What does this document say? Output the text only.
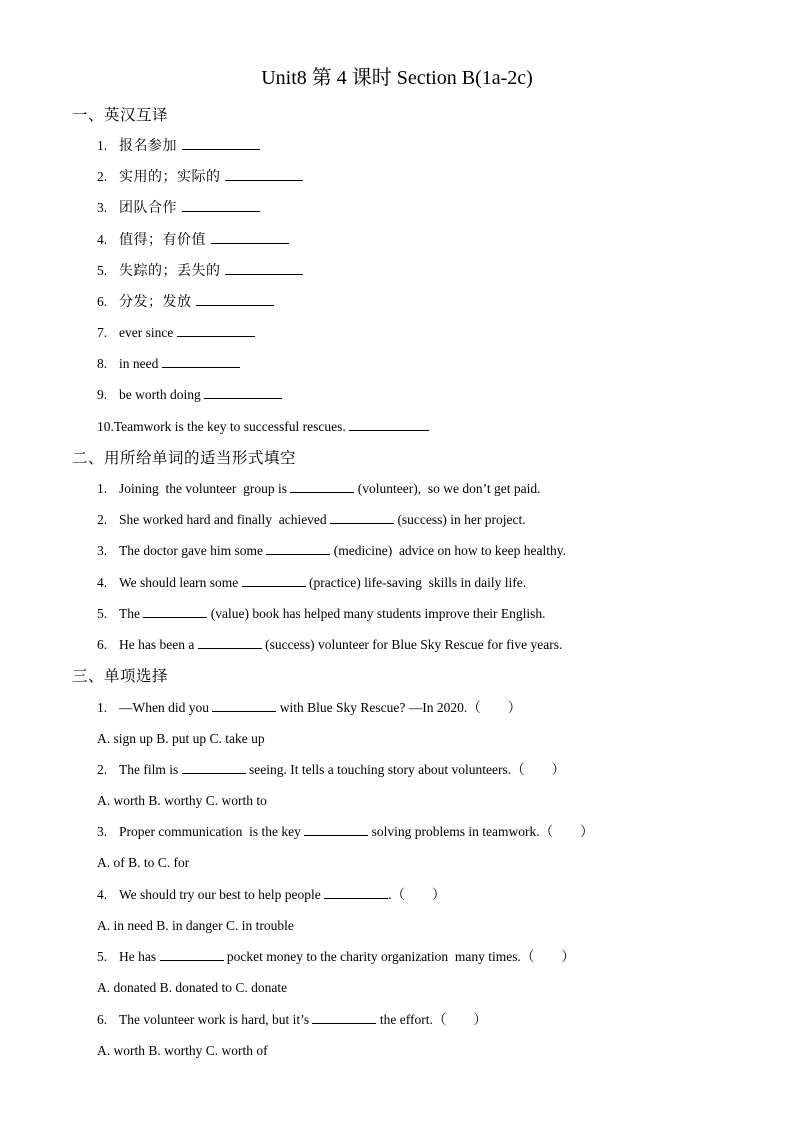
Unit8 第 4 课时 Section B(1a-2c)
一、英汉互译
1. 报名参加
2. 实用的；实际的
3. 团队合作
4. 值得；有价值
5. 失踪的；丢失的
6. 分发；发放
7. ever since
8. in need
9. be worth doing
10.Teamwork is the key to successful rescues.
二、用所给单词的适当形式填空
1. Joining  the volunteer  group is	(volunteer),  so we don’t get paid.
2. She worked hard and finally  achieved	(success) in her project.
3. The doctor gave him some	(medicine)  advice on how to keep healthy.
4. We should learn some	(practice) life-saving  skills in daily life.
5. The	(value) book has helped many students improve their English.
6. He has been a	(success) volunteer for Blue Sky Rescue for five years.
三、单项选择
1. —When did you	with Blue Sky Rescue? —In 2020.（        ）
A. sign up B. put up C. take up
2. The film is	seeing. It tells a touching story about volunteers.（        ）
A. worth B. worthy C. worth to
3. Proper communication  is the key	solving problems in teamwork.（        ）
A. of B. to C. for
4. We should try our best to help people	.（        ）
A. in need B. in danger C. in trouble
5. He has	pocket money to the charity organization  many times.（        ）
A. donated B. donated to C. donate
6. The volunteer work is hard, but it’s	the effort.（        ）
A. worth B. worthy C. worth of
